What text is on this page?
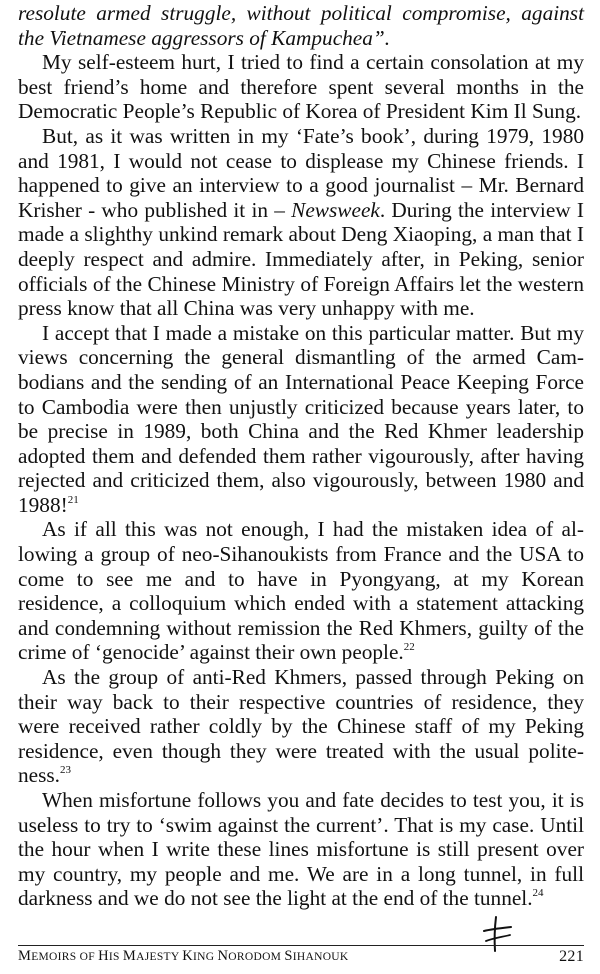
resolute armed struggle, without political compromise, against the Vietnamese aggressors of Kampuchea”.

My self-esteem hurt, I tried to find a certain consolation at my best friend’s home and therefore spent several months in the Democratic People’s Republic of Korea of President Kim Il Sung.

But, as it was written in my ‘Fate’s book’, during 1979, 1980 and 1981, I would not cease to displease my Chinese friends. I happened to give an interview to a good journalist – Mr. Bernard Krisher - who published it in – Newsweek. During the interview I made a slighthy unkind remark about Deng Xiaoping, a man that I deeply respect and admire. Immediately after, in Peking, senior officials of the Chinese Ministry of Foreign Affairs let the western press know that all China was very unhappy with me.

I accept that I made a mistake on this particular matter. But my views concerning the general dismantling of the armed Cambodians and the sending of an International Peace Keeping Force to Cambodia were then unjustly criticized because years later, to be precise in 1989, both China and the Red Khmer leadership adopted them and defended them rather vigourously, after having rejected and criticized them, also vigourously, between 1980 and 1988!$^{21}$

As if all this was not enough, I had the mistaken idea of allowing a group of neo-Sihanoukists from France and the USA to come to see me and to have in Pyongyang, at my Korean residence, a colloquium which ended with a statement attacking and condemning without remission the Red Khmers, guilty of the crime of ‘genocide’ against their own people.$^{22}$

As the group of anti-Red Khmers, passed through Peking on their way back to their respective countries of residence, they were received rather coldly by the Chinese staff of my Peking residence, even though they were treated with the usual politeness.$^{23}$

When misfortune follows you and fate decides to test you, it is useless to try to ‘swim against the current’. That is my case. Until the hour when I write these lines misfortune is still present over my country, my people and me. We are in a long tunnel, in full darkness and we do not see the light at the end of the tunnel.$^{24}$

MEMOIRS OF HIS MAJESTY KING NORODOM SIHANOUK	221
